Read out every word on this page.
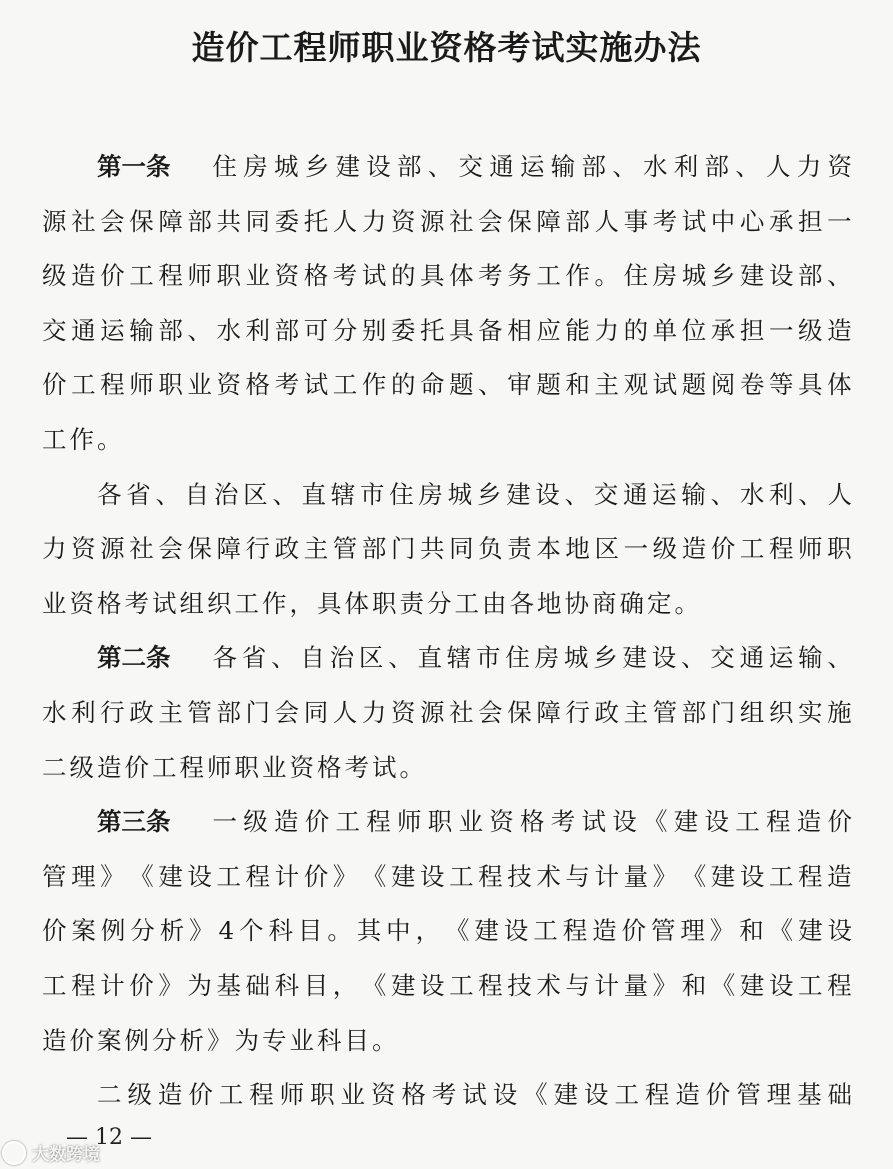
造价工程师职业资格考试实施办法
第一条 住 房 城 乡 建 设 部 、 交 通 运 输 部 、 水 利 部 、 人 力 资
源 社 会 保 障 部 共 同 委 托 人 力 资 源 社 会 保 障 部 人 事 考 试 中 心 承 担 一
级 造 价 工 程 师 职 业 资 格 考 试 的 具 体 考 务 工 作 。 住 房 城 乡 建 设 部 、
交 通 运 输 部 、 水 利 部 可 分 别 委 托 具 备 相 应 能 力 的 单 位 承 担 一 级 造
价 工 程 师 职 业 资 格 考 试 工 作 的 命 题 、 审 题 和 主 观 试 题 阅 卷 等 具 体
工作。
各 省 、 自 治 区 、 直 辖 市 住 房 城 乡 建 设 、 交 通 运 输 、 水 利 、 人
力 资 源 社 会 保 障 行 政 主 管 部 门 共 同 负 责 本 地 区 一 级 造 价 工 程 师 职
业资格考试组织工作，具体职责分工由各地协商确定。
第二条 各 省 、 自 治 区 、 直 辖 市 住 房 城 乡 建 设 、 交 通 运 输 、
水 利 行 政 主 管 部 门 会 同 人 力 资 源 社 会 保 障 行 政 主 管 部 门 组 织 实 施
二级造价工程师职业资格考试。
第三条 一 级 造 价 工 程 师 职 业 资 格 考 试 设 《 建 设 工 程 造 价
管 理 》 《 建 设 工 程 计 价 》 《 建 设 工 程 技 术 与 计 量 》 《 建 设 工 程 造
价 案 例 分 析 》 4 个 科 目 。 其 中 ， 《 建 设 工 程 造 价 管 理 》 和 《 建 设
工 程 计 价 》 为 基 础 科 目 ， 《 建 设 工 程 技 术 与 计 量 》 和 《 建 设 工 程
造价案例分析》为专业科目。
二 级 造 价 工 程 师 职 业 资 格 考 试 设 《 建 设 工 程 造 价 管 理 基 础
— 12 —
大数跨境
